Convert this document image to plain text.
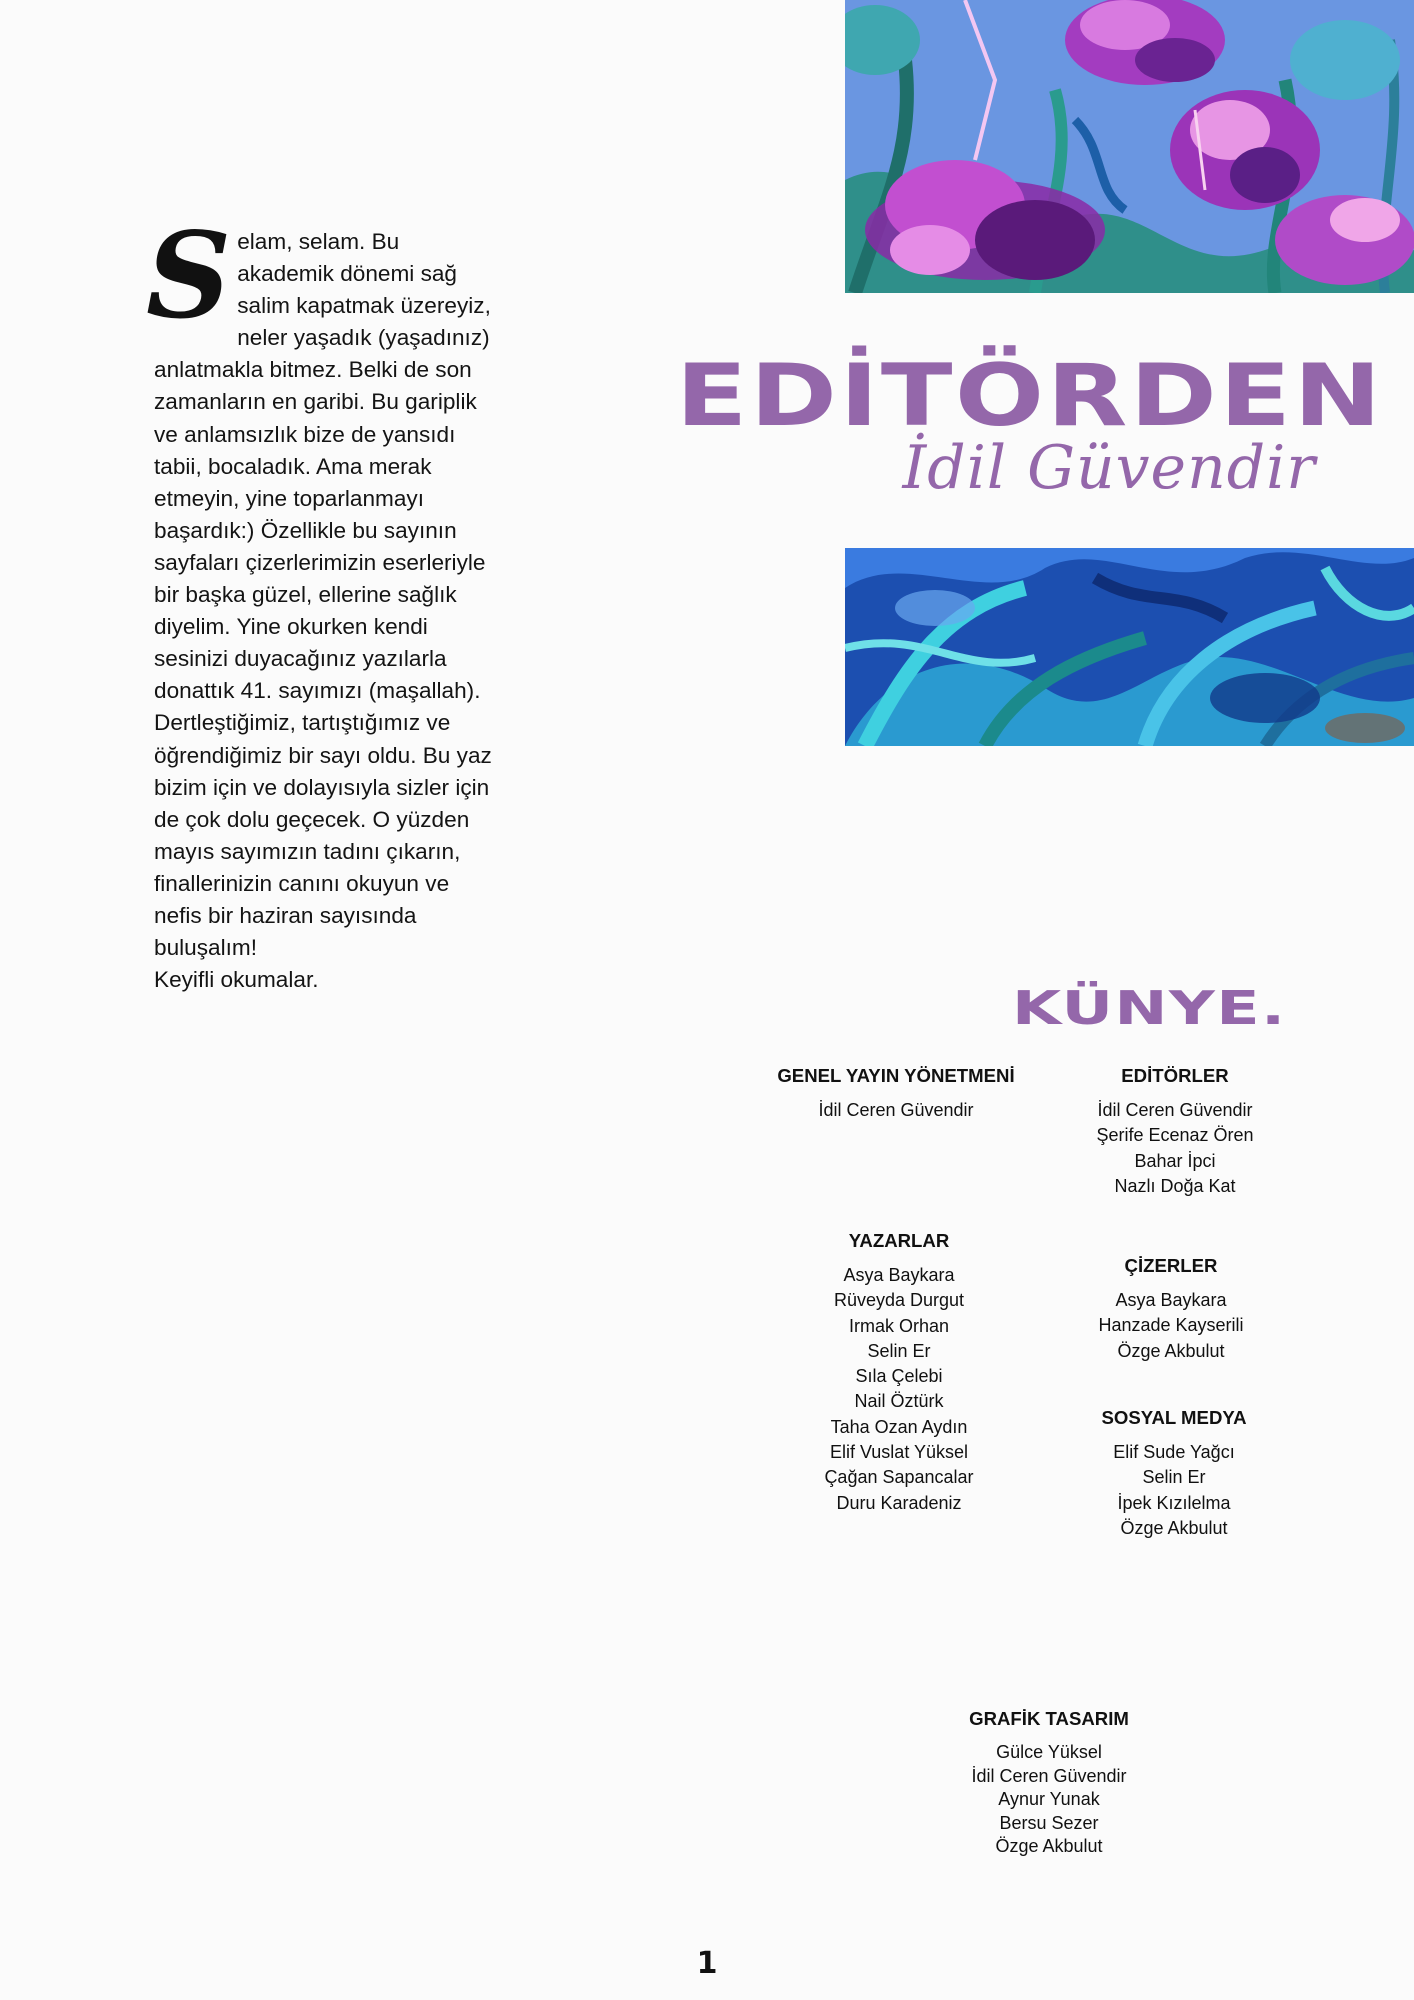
S elam, selam. Bu akademik dönemi sağ salim kapatmak üzereyiz, neler yaşadık (yaşadınız) anlatmakla bitmez. Belki de son zamanların en garibi. Bu gariplik ve anlamsızlık bize de yansıdı tabii, bocaladık. Ama merak etmeyin, yine toparlanmayı başardık:) Özellikle bu sayının sayfaları çizerlerimizin eserleriyle bir başka güzel, ellerine sağlık diyelim. Yine okurken kendi sesinizi duyacağınız yazılarla donattık 41. sayımızı (maşallah). Dertleştiğimiz, tartıştığımız ve öğrendiğimiz bir sayı oldu. Bu yaz bizim için ve dolayısıyla sizler için de çok dolu geçecek. O yüzden mayıs sayımızın tadını çıkarın, finallerinizin canını okuyun ve nefis bir haziran sayısında buluşalım!

Keyifli okumalar.

EDİTÖRDEN
İdil Güvendir
KÜNYE.
GENEL YAYIN YÖNETMENİ
İdil Ceren Güvendir
EDİTÖRLER
İdil Ceren Güvendir
Şerife Ecenaz Ören
Bahar İpci
Nazlı Doğa Kat
YAZARLAR
Asya Baykara
Rüveyda Durgut
Irmak Orhan
Selin Er
Sıla Çelebi
Nail Öztürk
Taha Ozan Aydın
Elif Vuslat Yüksel
Çağan Sapancalar
Duru Karadeniz
ÇİZERLER
Asya Baykara
Hanzade Kayserili
Özge Akbulut
SOSYAL MEDYA
Elif Sude Yağcı
Selin Er
İpek Kızılelma
Özge Akbulut
GRAFİK TASARIM
Gülce Yüksel
İdil Ceren Güvendir
Aynur Yunak
Bersu Sezer
Özge Akbulut
1
